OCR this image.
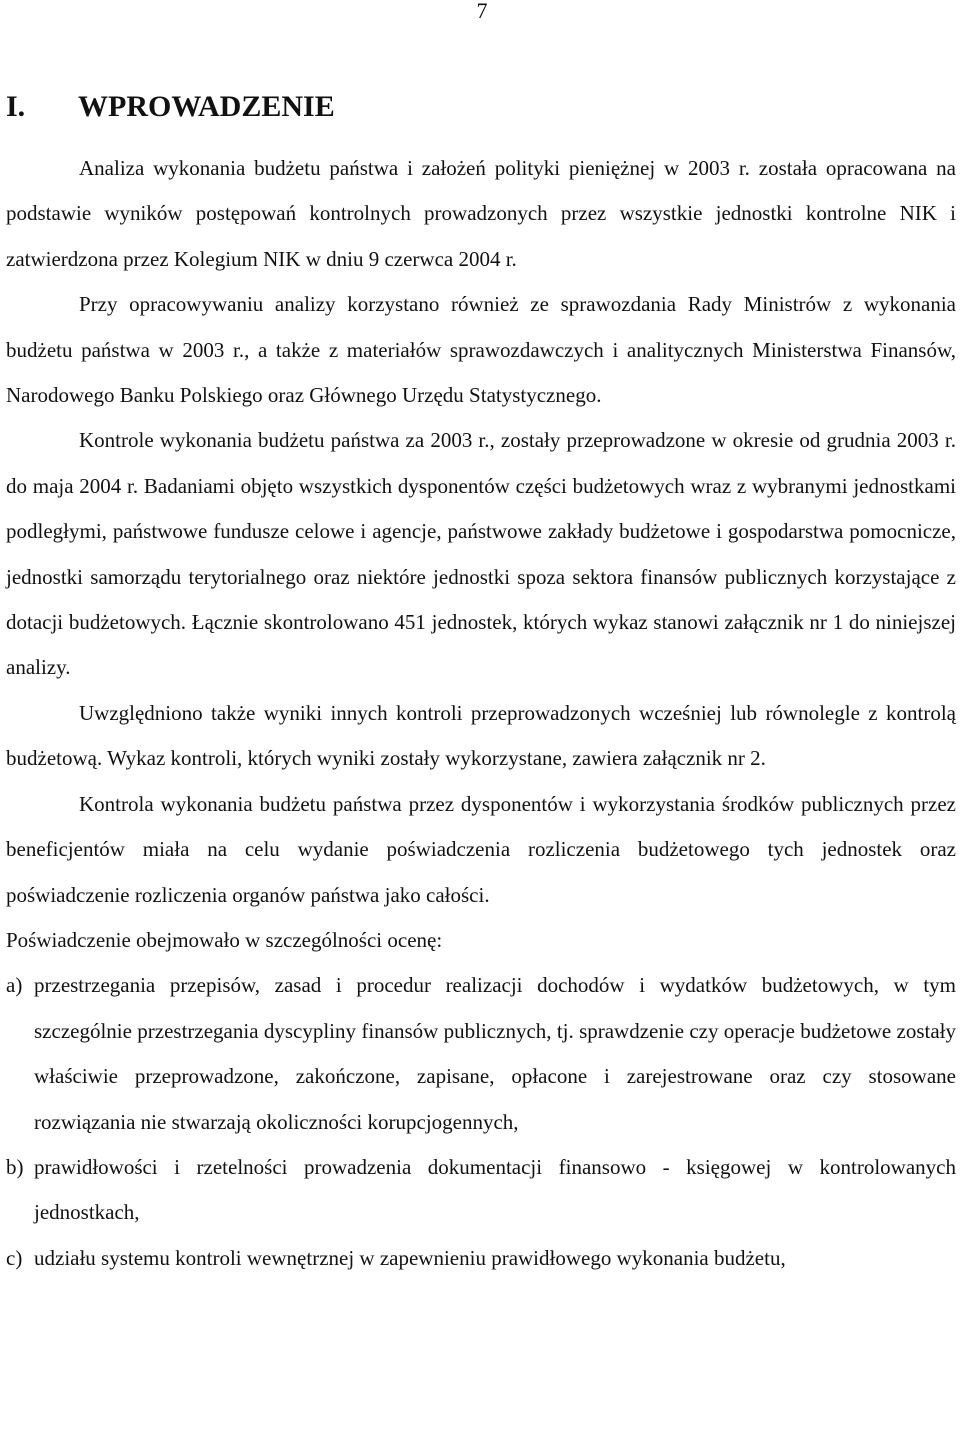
7
I. WPROWADZENIE

Analiza wykonania budżetu państwa i założeń polityki pieniężnej w 2003 r. została opracowana na podstawie wyników postępowań kontrolnych prowadzonych przez wszystkie jednostki kontrolne NIK i zatwierdzona przez Kolegium NIK w dniu 9 czerwca 2004 r.

Przy opracowywaniu analizy korzystano również ze sprawozdania Rady Ministrów z wykonania budżetu państwa w 2003 r., a także z materiałów sprawozdawczych i analitycznych Ministerstwa Finansów, Narodowego Banku Polskiego oraz Głównego Urzędu Statystycznego.

Kontrole wykonania budżetu państwa za 2003 r., zostały przeprowadzone w okresie od grudnia 2003 r. do maja 2004 r. Badaniami objęto wszystkich dysponentów części budżetowych wraz z wybranymi jednostkami podległymi, państwowe fundusze celowe i agencje, państwowe zakłady budżetowe i gospodarstwa pomocnicze, jednostki samorządu terytorialnego oraz niektóre jednostki spoza sektora finansów publicznych korzystające z dotacji budżetowych. Łącznie skontrolowano 451 jednostek, których wykaz stanowi załącznik nr 1 do niniejszej analizy.

Uwzględniono także wyniki innych kontroli przeprowadzonych wcześniej lub równolegle z kontrolą budżetową. Wykaz kontroli, których wyniki zostały wykorzystane, zawiera załącznik nr 2.

Kontrola wykonania budżetu państwa przez dysponentów i wykorzystania środków publicznych przez beneficjentów miała na celu wydanie poświadczenia rozliczenia budżetowego tych jednostek oraz poświadczenie rozliczenia organów państwa jako całości.

Poświadczenie obejmowało w szczególności ocenę:

a) przestrzegania przepisów, zasad i procedur realizacji dochodów i wydatków budżetowych, w tym szczególnie przestrzegania dyscypliny finansów publicznych, tj. sprawdzenie czy operacje budżetowe zostały właściwie przeprowadzone, zakończone, zapisane, opłacone i zarejestrowane oraz czy stosowane rozwiązania nie stwarzają okoliczności korupcjogennych,
b) prawidłowości i rzetelności prowadzenia dokumentacji finansowo - księgowej w kontrolowanych jednostkach,
c) udziału systemu kontroli wewnętrznej w zapewnieniu prawidłowego wykonania budżetu,
